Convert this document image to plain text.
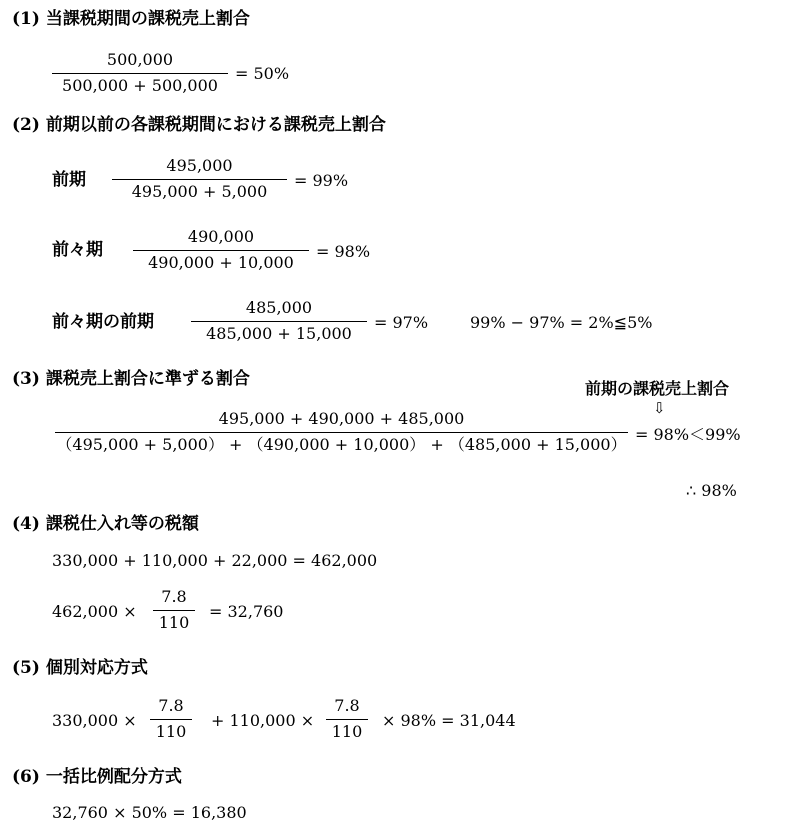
(1) 当課税期間の課税売上割合
500,000
500,000 + 500,000
= 50%
(2) 前期以前の各課税期間における課税売上割合
前期
495,000
495,000 + 5,000
= 99%
前々期
490,000
490,000 + 10,000
= 98%
前々期の前期
485,000
485,000 + 15,000
= 97%	99% − 97% = 2%≦5%
(3) 課税売上割合に準ずる割合	前期の課税売上割合
⇩
495,000 + 490,000 + 485,000
（495,000 + 5,000） + （490,000 + 10,000） + （485,000 + 15,000）
= 98%＜99%
∴ 98%
(4) 課税仕入れ等の税額
330,000 + 110,000 + 22,000 = 462,000
462,000 ×
7.8
110
= 32,760
(5) 個別対応方式
330,000 ×
7.8
110
+ 110,000 ×
7.8
110
× 98% = 31,044
(6) 一括比例配分方式
32,760 × 50% = 16,380
